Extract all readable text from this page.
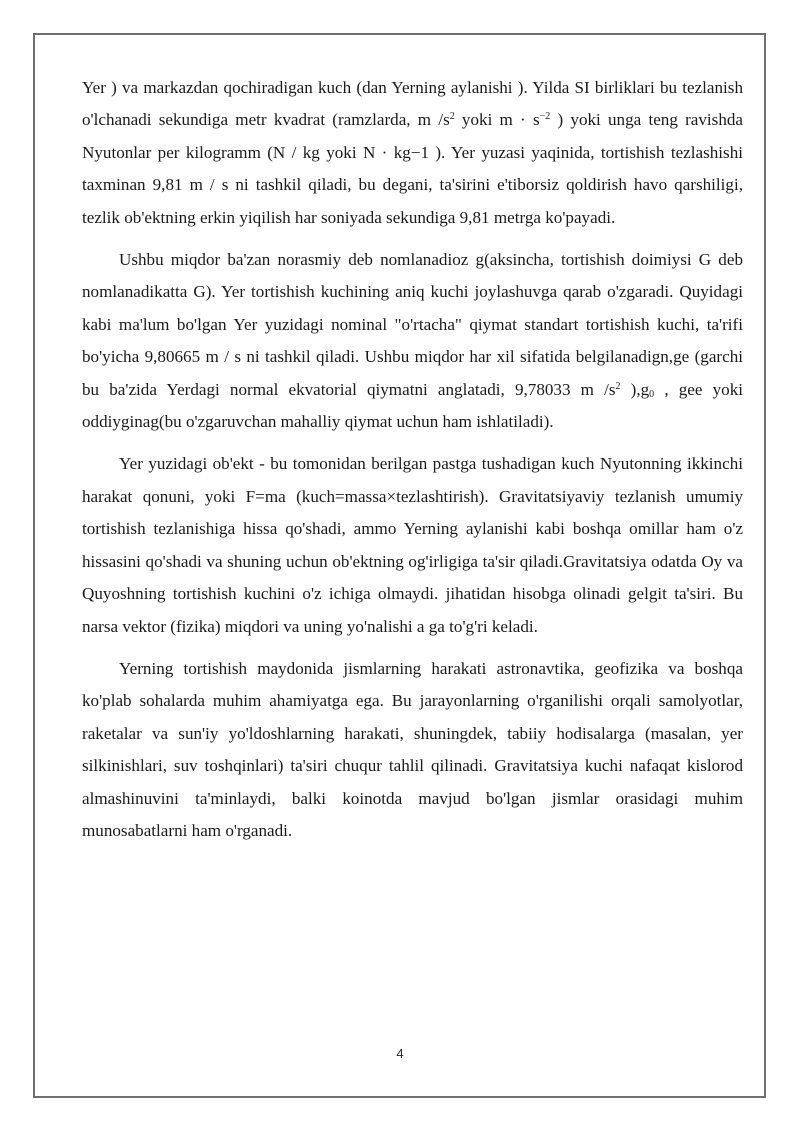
Yer ) va markazdan qochiradigan kuch (dan Yerning aylanishi ). Yilda SI birliklari bu tezlanish o'lchanadi sekundiga metr kvadrat (ramzlarda, m $/s^2$ yoki $m \cdot s^{-2}$ ) yoki unga teng ravishda Nyutonlar per kilogramm (N / kg yoki N · kg−1 ). Yer yuzasi yaqinida, tortishish tezlashishi taxminan 9,81 m / s ni tashkil qiladi, bu degani, ta'sirini e'tiborsiz qoldirish havo qarshiligi, tezlik ob'ektning erkin yiqilish har soniyada sekundiga 9,81 metrga ko'payadi.

Ushbu miqdor ba'zan norasmiy deb nomlanadioz g(aksincha, tortishish doimiysi G deb nomlanadikatta G). Yer tortishish kuchining aniq kuchi joylashuvga qarab o'zgaradi. Quyidagi kabi ma'lum bo'lgan Yer yuzidagi nominal "o'rtacha" qiymat standart tortishish kuchi, ta'rifi bo'yicha 9,80665 m / s ni tashkil qiladi. Ushbu miqdor har xil sifatida belgilanadign,ge (garchi bu ba'zida Yerdagi normal ekvatorial qiymatni anglatadi, 9,78033 m $/s^2$ )$,g_0$ , gee yoki oddiyginag(bu o'zgaruvchan mahalliy qiymat uchun ham ishlatiladi).

Yer yuzidagi ob'ekt - bu tomonidan berilgan pastga tushadigan kuch Nyutonning ikkinchi harakat qonuni, yoki F=ma (kuch=massa×tezlashtirish). Gravitatsiyaviy tezlanish umumiy tortishish tezlanishiga hissa qo'shadi, ammo Yerning aylanishi kabi boshqa omillar ham o'z hissasini qo'shadi va shuning uchun ob'ektning og'irligiga ta'sir qiladi.Gravitatsiya odatda Oy va Quyoshning tortishish kuchini o'z ichiga olmaydi. jihatidan hisobga olinadi gelgit ta'siri. Bu narsa vektor (fizika) miqdori va uning yo'nalishi a ga to'g'ri keladi.

Yerning tortishish maydonida jismlarning harakati astronavtika, geofizika va boshqa ko'plab sohalarda muhim ahamiyatga ega. Bu jarayonlarning o'rganilishi orqali samolyotlar, raketalar va sun'iy yo'ldoshlarning harakati, shuningdek, tabiiy hodisalarga (masalan, yer silkinishlari, suv toshqinlari) ta'siri chuqur tahlil qilinadi. Gravitatsiya kuchi nafaqat kislorod almashinuvini ta'minlaydi, balki koinotda mavjud bo'lgan jismlar orasidagi muhim munosabatlarni ham o'rganadi.

4
